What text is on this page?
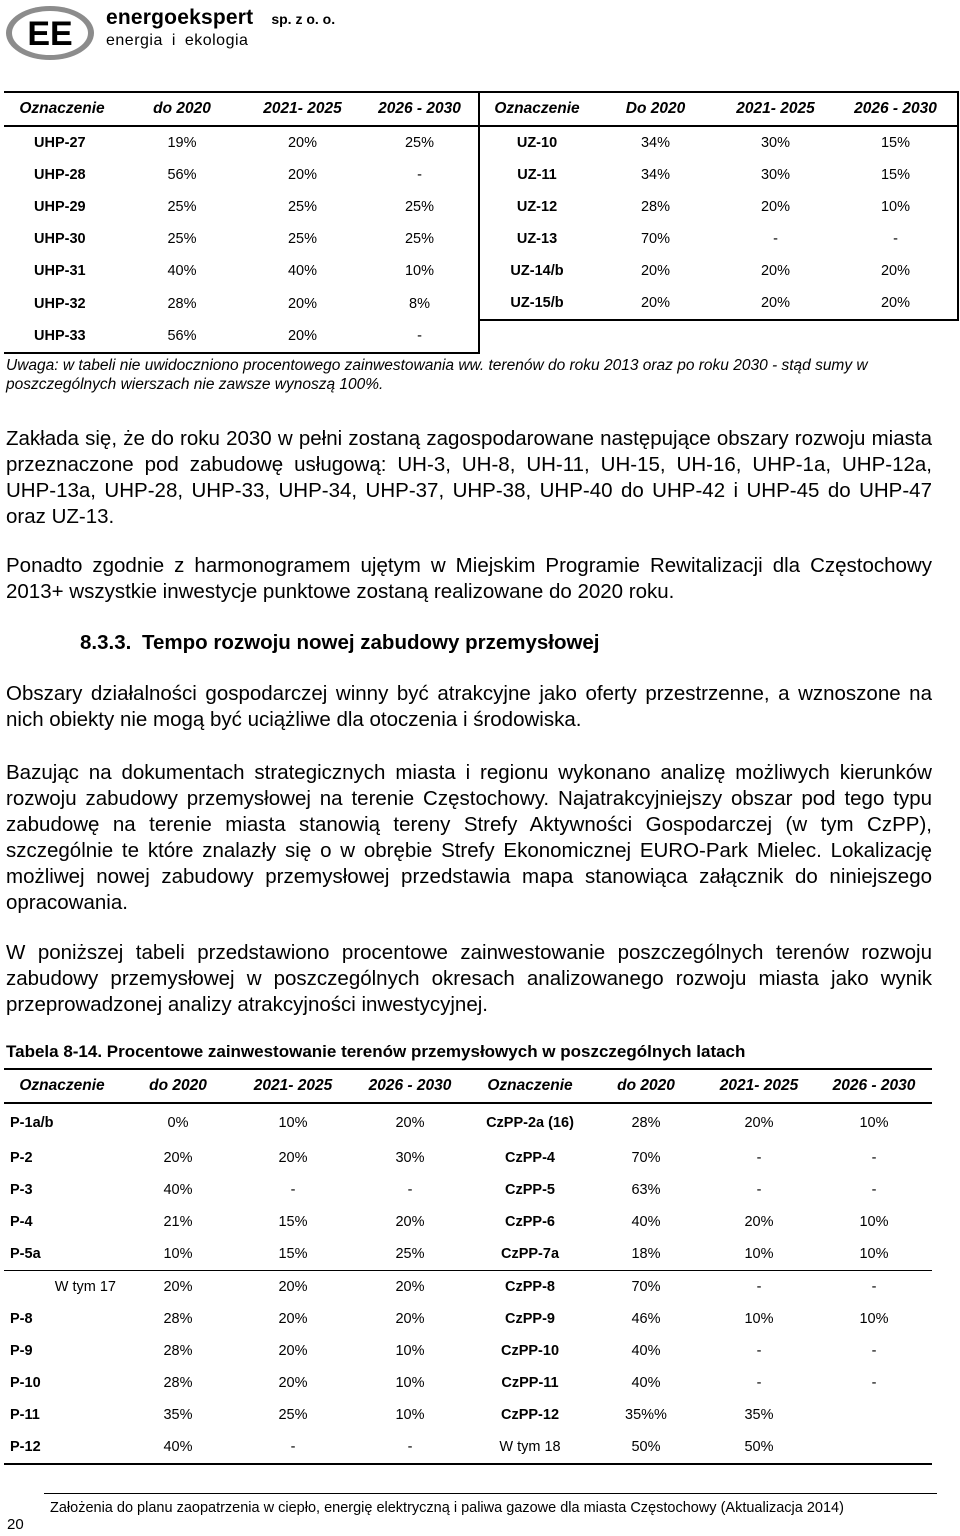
EE energoekspert sp. z o. o.
energia i ekologia
Oznaczenie	do 2020	2021- 2025	2026 - 2030	Oznaczenie	Do 2020	2021- 2025	2026 - 2030
UHP-27	19%	20%	25%	UZ-10	34%	30%	15%
UHP-28	56%	20%	-	UZ-11	34%	30%	15%
UHP-29	25%	25%	25%	UZ-12	28%	20%	10%
UHP-30	25%	25%	25%	UZ-13	70%	-	-
UHP-31	40%	40%	10%	UZ-14/b	20%	20%	20%
UHP-32	28%	20%	8%	UZ-15/b	20%	20%	20%
UHP-33	56%	20%	-				
Uwaga: w tabeli nie uwidoczniono procentowego zainwestowania ww. terenów do roku 2013 oraz po roku 2030 - stąd sumy w poszczególnych wierszach nie zawsze wynoszą 100%.
Zakłada się, że do roku 2030 w pełni zostaną zagospodarowane następujące obszary rozwoju miasta przeznaczone pod zabudowę usługową: UH-3, UH-8, UH-11, UH-15, UH-16, UHP-1a, UHP-12a, UHP-13a, UHP-28, UHP-33, UHP-34, UHP-37, UHP-38, UHP-40 do UHP-42 i UHP-45 do UHP-47 oraz UZ-13.
Ponadto zgodnie z harmonogramem ujętym w Miejskim Programie Rewitalizacji dla Częstochowy 2013+ wszystkie inwestycje punktowe zostaną realizowane do 2020 roku.
8.3.3. Tempo rozwoju nowej zabudowy przemysłowej
Obszary działalności gospodarczej winny być atrakcyjne jako oferty przestrzenne, a wznoszone na nich obiekty nie mogą być uciążliwe dla otoczenia i środowiska.
Bazując na dokumentach strategicznych miasta i regionu wykonano analizę możliwych kierunków rozwoju zabudowy przemysłowej na terenie Częstochowy. Najatrakcyjniejszy obszar pod tego typu zabudowę na terenie miasta stanowią tereny Strefy Aktywności Gospodarczej (w tym CzPP), szczególnie te które znalazły się o w obrębie Strefy Ekonomicznej EURO-Park Mielec. Lokalizację możliwej nowej zabudowy przemysłowej przedstawia mapa stanowiąca załącznik do niniejszego opracowania.
W poniższej tabeli przedstawiono procentowe zainwestowanie poszczególnych terenów rozwoju zabudowy przemysłowej w poszczególnych okresach analizowanego rozwoju miasta jako wynik przeprowadzonej analizy atrakcyjności inwestycyjnej.
Tabela 8-14. Procentowe zainwestowanie terenów przemysłowych w poszczególnych latach
Oznaczenie	do 2020	2021- 2025	2026 - 2030	Oznaczenie	do 2020	2021- 2025	2026 - 2030
P-1a/b	0%	10%	20%	CzPP-2a (16)	28%	20%	10%
P-2	20%	20%	30%	CzPP-4	70%	-	-
P-3	40%	-	-	CzPP-5	63%	-	-
P-4	21%	15%	20%	CzPP-6	40%	20%	10%
P-5a	10%	15%	25%	CzPP-7a	18%	10%	10%
W tym 17	20%	20%	20%	CzPP-8	70%	-	-
P-8	28%	20%	20%	CzPP-9	46%	10%	10%
P-9	28%	20%	10%	CzPP-10	40%	-	-
P-10	28%	20%	10%	CzPP-11	40%	-	-
P-11	35%	25%	10%	CzPP-12	35%%	35%	
P-12	40%	-	-	W tym 18	50%	50%	
Założenia do planu zaopatrzenia w ciepło, energię elektryczną i paliwa gazowe dla miasta Częstochowy (Aktualizacja 2014)
20
